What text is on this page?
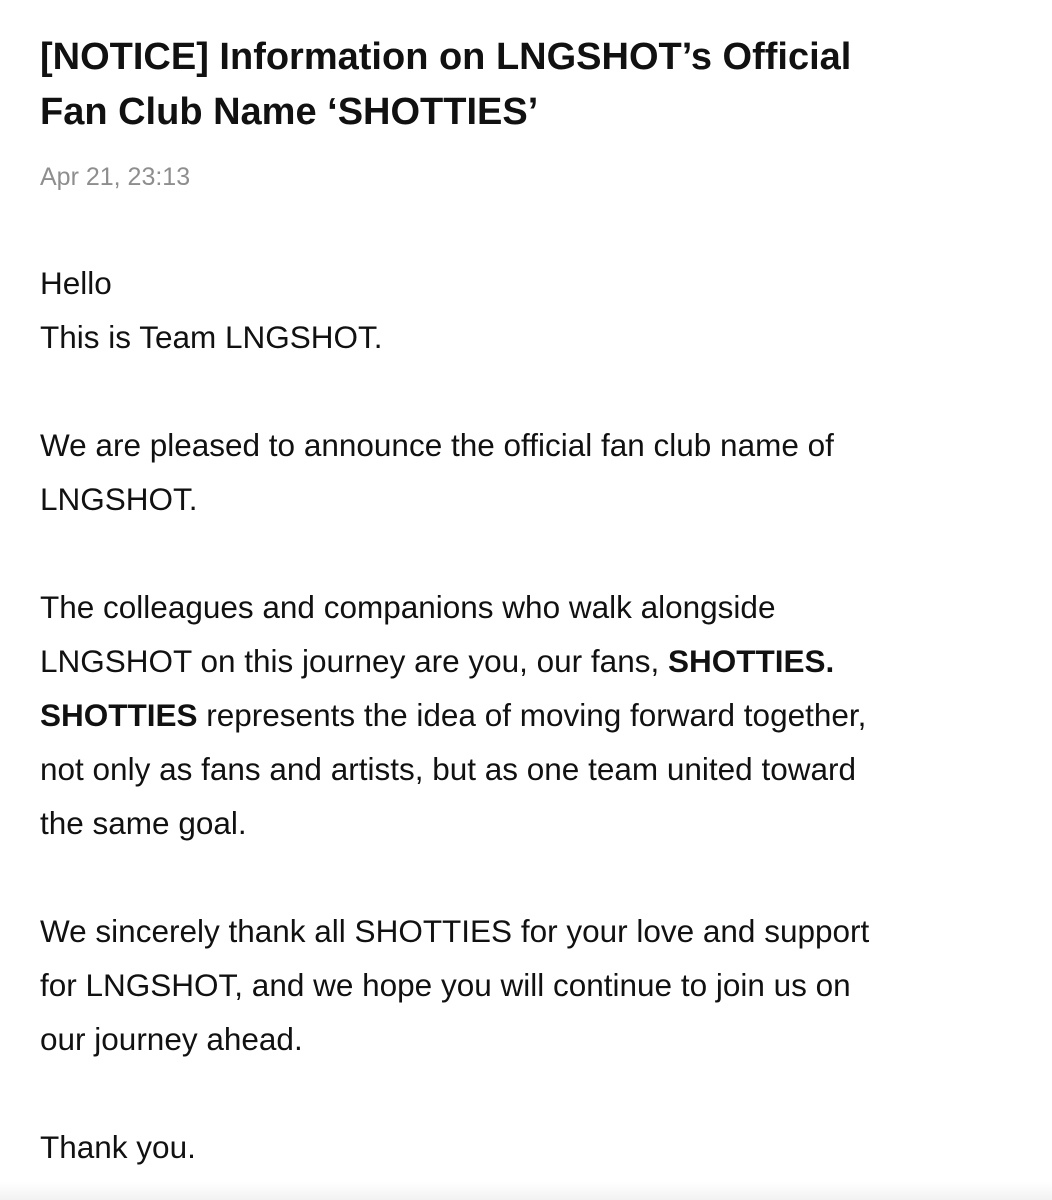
[NOTICE] Information on LNGSHOT’s Official
Fan Club Name ‘SHOTTIES’
Apr 21, 23:13

Hello
This is Team LNGSHOT.

We are pleased to announce the official fan club name of
LNGSHOT.

The colleagues and companions who walk alongside
LNGSHOT on this journey are you, our fans, SHOTTIES.
SHOTTIES represents the idea of moving forward together,
not only as fans and artists, but as one team united toward
the same goal.

We sincerely thank all SHOTTIES for your love and support
for LNGSHOT, and we hope you will continue to join us on
our journey ahead.

Thank you.
